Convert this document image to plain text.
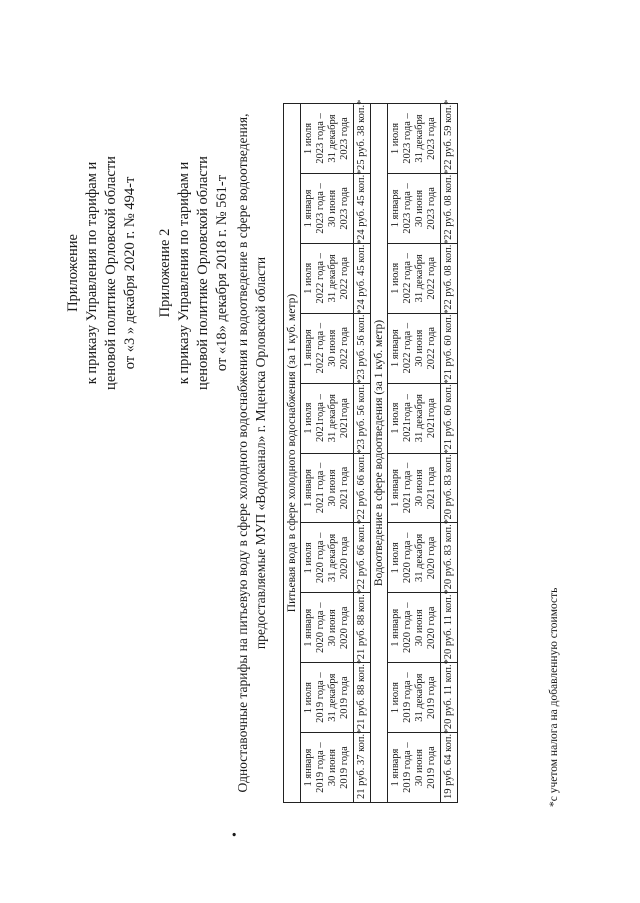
Приложение к приказу Управления по тарифам и ценовой политике Орловской области от «3 » декабря 2020 г. № 494-т Приложение 2 к приказу Управления по тарифам и ценовой политике Орловской области от «18» декабря 2018 г. № 561-т

•

Одноставочные тарифы на питьевую воду в сфере холодного водоснабжения и водоотведение в сфере водоотведения, предоставляемые МУП «Водоканал» г. Мценска Орловской области Питьевая вода в сфере холодного водоснабжения (за 1 куб. метр)									

1 января 2019 года – 30 июня 2019 года	1 июля 2019 года – 31 декабря 2019 года	1 января 2020 года – 30 июня 2020 года	1 июля 2020 года – 31 декабря 2020 года	1 января 2021 года – 30 июня 2021 года	1 июля 2021года – 31 декабря 2021года	1 января 2022 года – 30 июня 2022 года	1 июля 2022 года – 31 декабря 2022 года	1 января 2023 года – 30 июня 2023 года	1 июля 2023 года – 31 декабря 2023 года

21 руб. 37 коп.*	21 руб. 88 коп.*	21 руб. 88 коп.*	22 руб. 66 коп.*	22 руб. 66 коп.*	23 руб. 56 коп.*	23 руб. 56 коп.*	24 руб. 45 коп.*	24 руб. 45 коп.*	25 руб. 38 коп.*
Водоотведение в сфере водоотведения (за 1 куб. метр)									

1 января 2019 года – 30 июня 2019 года	1 июля 2019 года – 31 декабря 2019 года	1 января 2020 года – 30 июня 2020 года	1 июля 2020 года – 31 декабря 2020 года	1 января 2021 года – 30 июня 2021 года	1 июля 2021года – 31 декабря 2021года	1 января 2022 года – 30 июня 2022 года	1 июля 2022 года – 31 декабря 2022 года	1 января 2023 года – 30 июня 2023 года	1 июля 2023 года – 31 декабря 2023 года

19 руб. 64 коп.*	20 руб. 11 коп.*	20 руб. 11 коп.*	20 руб. 83 коп.*	20 руб. 83 коп.*	21 руб. 60 коп.*	21 руб. 60 коп.*	22 руб. 08 коп.*	22 руб. 08 коп.*	22 руб. 59 коп.*
*с учетом налога на добавленную стоимость
